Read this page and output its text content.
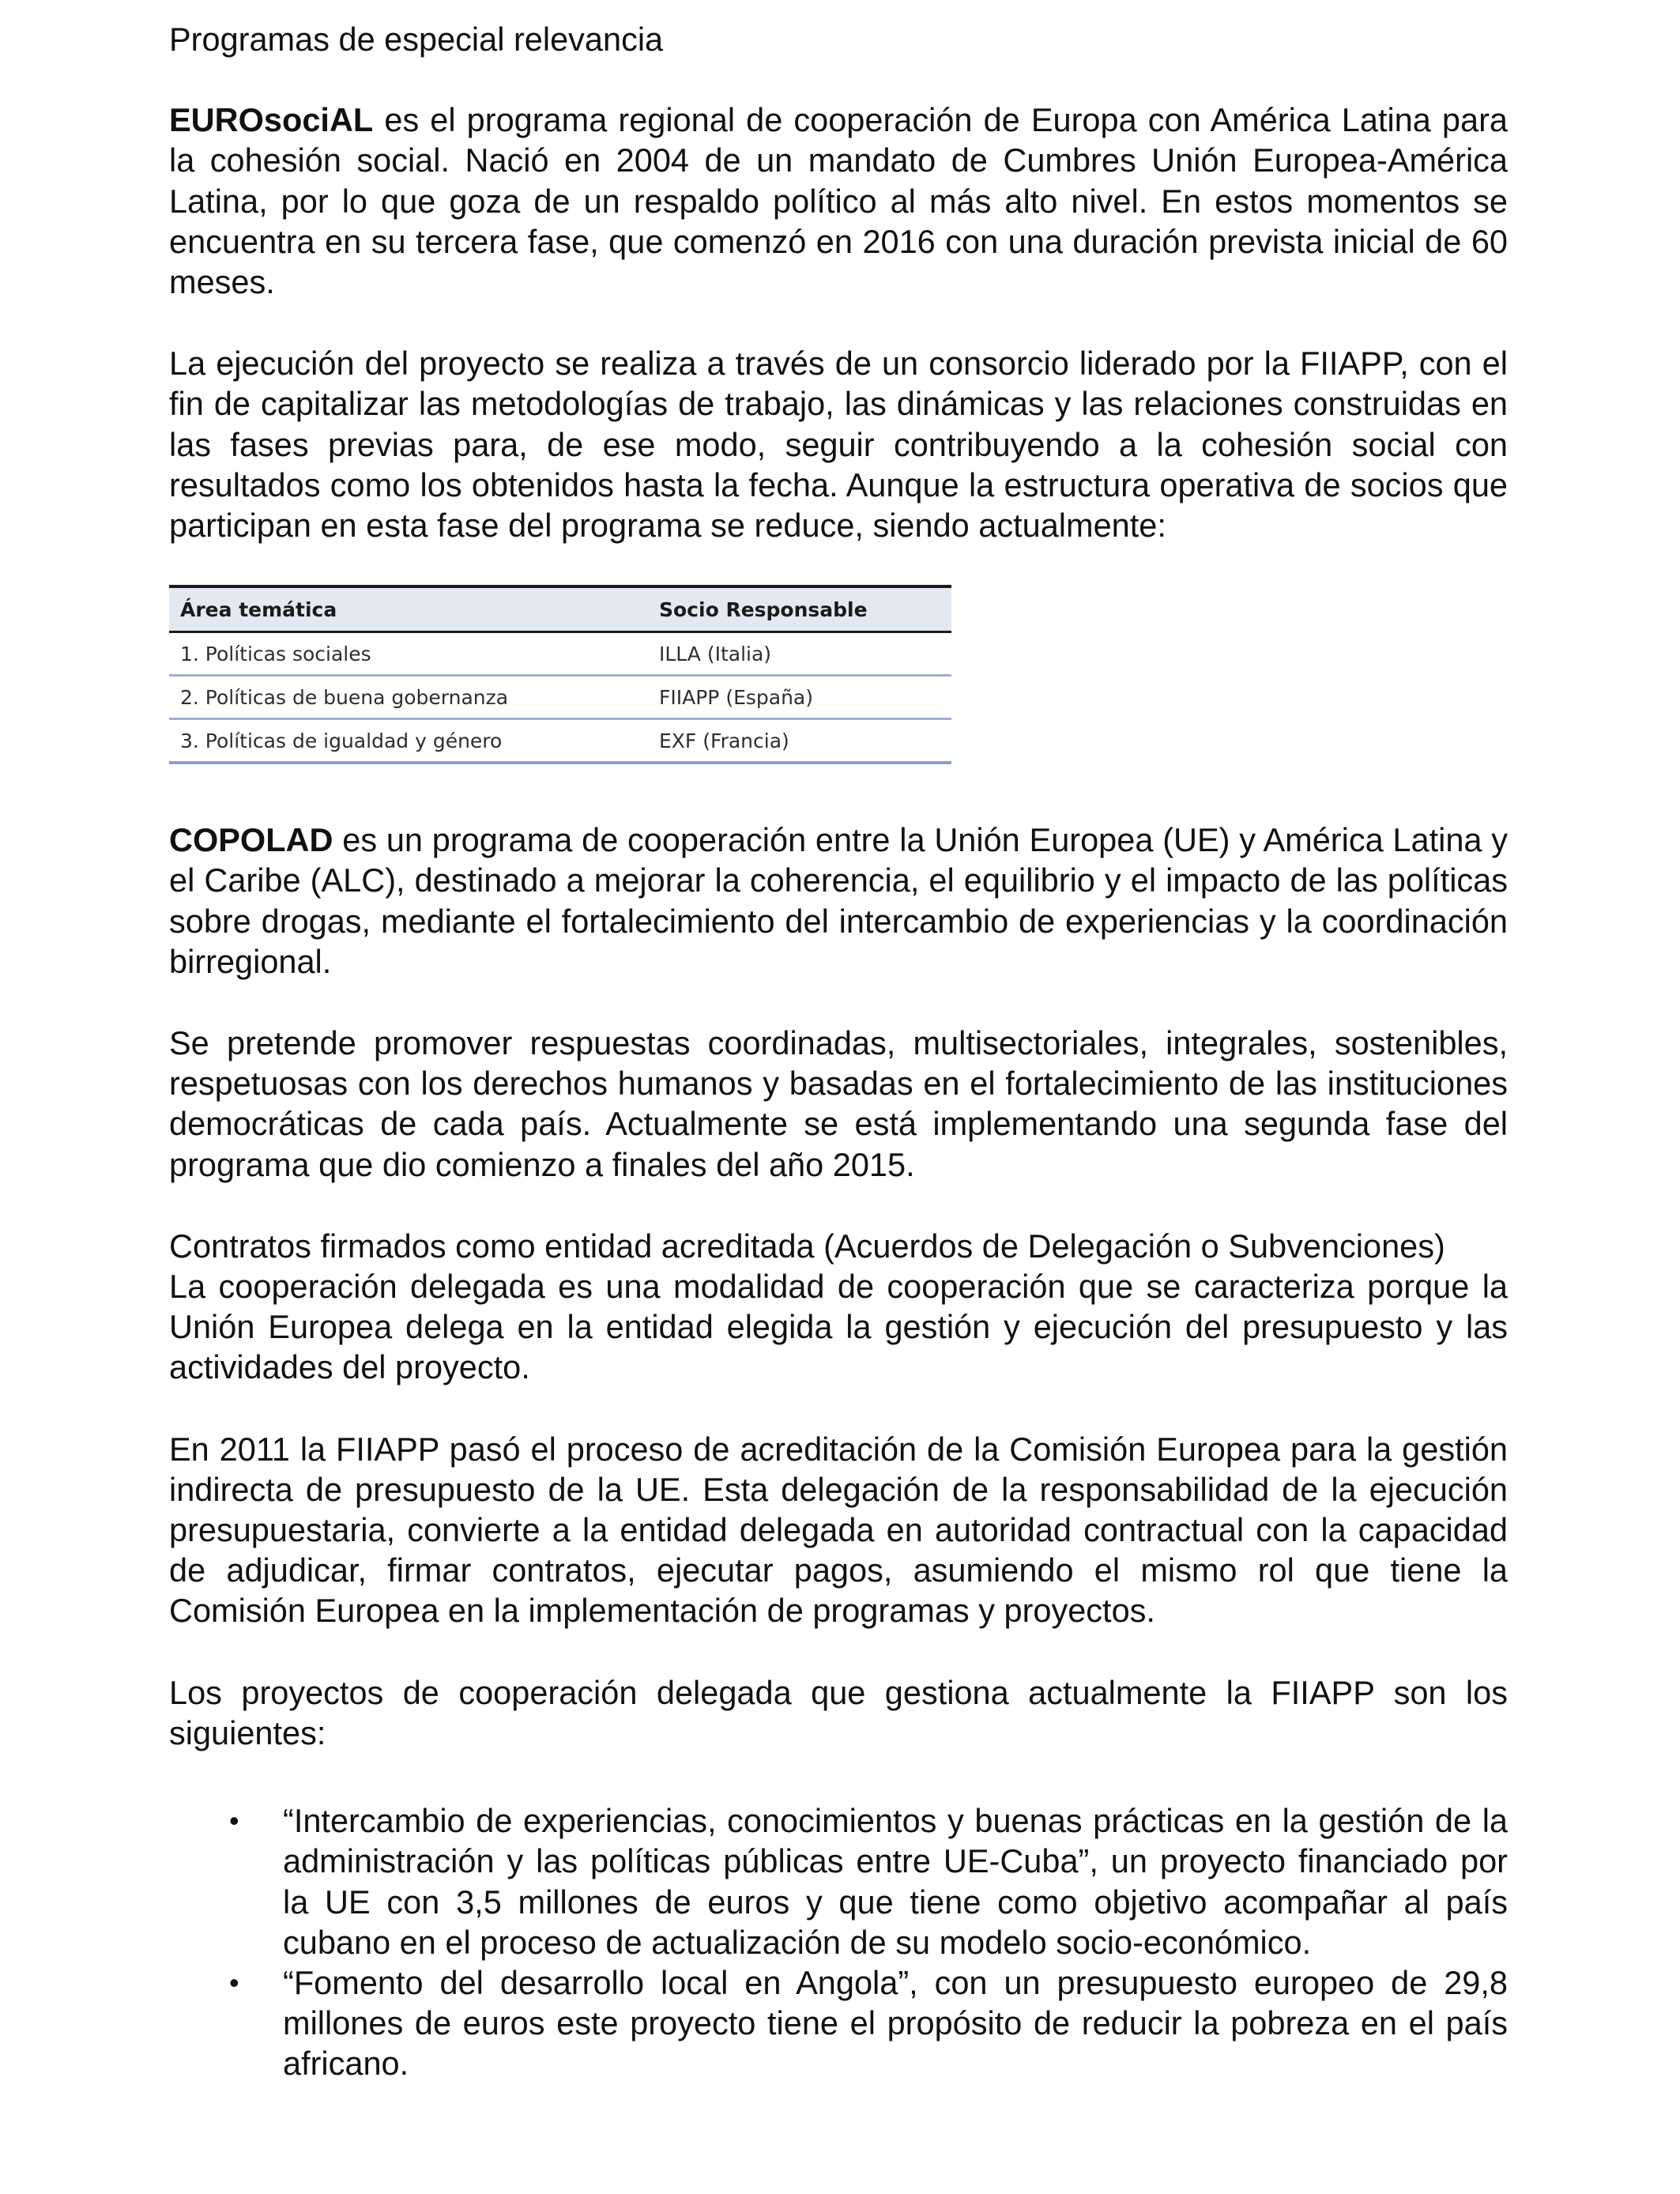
Programas de especial relevancia

EUROsociAL es el programa regional de cooperación de Europa con América Latina para la cohesión social. Nació en 2004 de un mandato de Cumbres Unión Europea-América Latina, por lo que goza de un respaldo político al más alto nivel. En estos momentos se encuentra en su tercera fase, que comenzó en 2016 con una duración prevista inicial de 60 meses.

La ejecución del proyecto se realiza a través de un consorcio liderado por la FIIAPP, con el fin de capitalizar las metodologías de trabajo, las dinámicas y las relaciones construidas en las fases previas para, de ese modo, seguir contribuyendo a la cohesión social con resultados como los obtenidos hasta la fecha. Aunque la estructura operativa de socios que participan en esta fase del programa se reduce, siendo actualmente:

Área temática	Socio Responsable
1. Políticas sociales	ILLA (Italia)
2. Políticas de buena gobernanza	FIIAPP (España)
3. Políticas de igualdad y género	EXF (Francia)

COPOLAD es un programa de cooperación entre la Unión Europea (UE) y América Latina y el Caribe (ALC), destinado a mejorar la coherencia, el equilibrio y el impacto de las políticas sobre drogas, mediante el fortalecimiento del intercambio de experiencias y la coordinación birregional.

Se pretende promover respuestas coordinadas, multisectoriales, integrales, sostenibles, respetuosas con los derechos humanos y basadas en el fortalecimiento de las instituciones democráticas de cada país. Actualmente se está implementando una segunda fase del programa que dio comienzo a finales del año 2015.

Contratos firmados como entidad acreditada (Acuerdos de Delegación o Subvenciones)

La cooperación delegada es una modalidad de cooperación que se caracteriza porque la Unión Europea delega en la entidad elegida la gestión y ejecución del presupuesto y las actividades del proyecto.

En 2011 la FIIAPP pasó el proceso de acreditación de la Comisión Europea para la gestión indirecta de presupuesto de la UE. Esta delegación de la responsabilidad de la ejecución presupuestaria, convierte a la entidad delegada en autoridad contractual con la capacidad de adjudicar, firmar contratos, ejecutar pagos, asumiendo el mismo rol que tiene la Comisión Europea en la implementación de programas y proyectos.

Los proyectos de cooperación delegada que gestiona actualmente la FIIAPP son los siguientes:

• “Intercambio de experiencias, conocimientos y buenas prácticas en la gestión de la administración y las políticas públicas entre UE-Cuba”, un proyecto financiado por la UE con 3,5 millones de euros y que tiene como objetivo acompañar al país cubano en el proceso de actualización de su modelo socio-económico.
• “Fomento del desarrollo local en Angola”, con un presupuesto europeo de 29,8 millones de euros este proyecto tiene el propósito de reducir la pobreza en el país africano.
